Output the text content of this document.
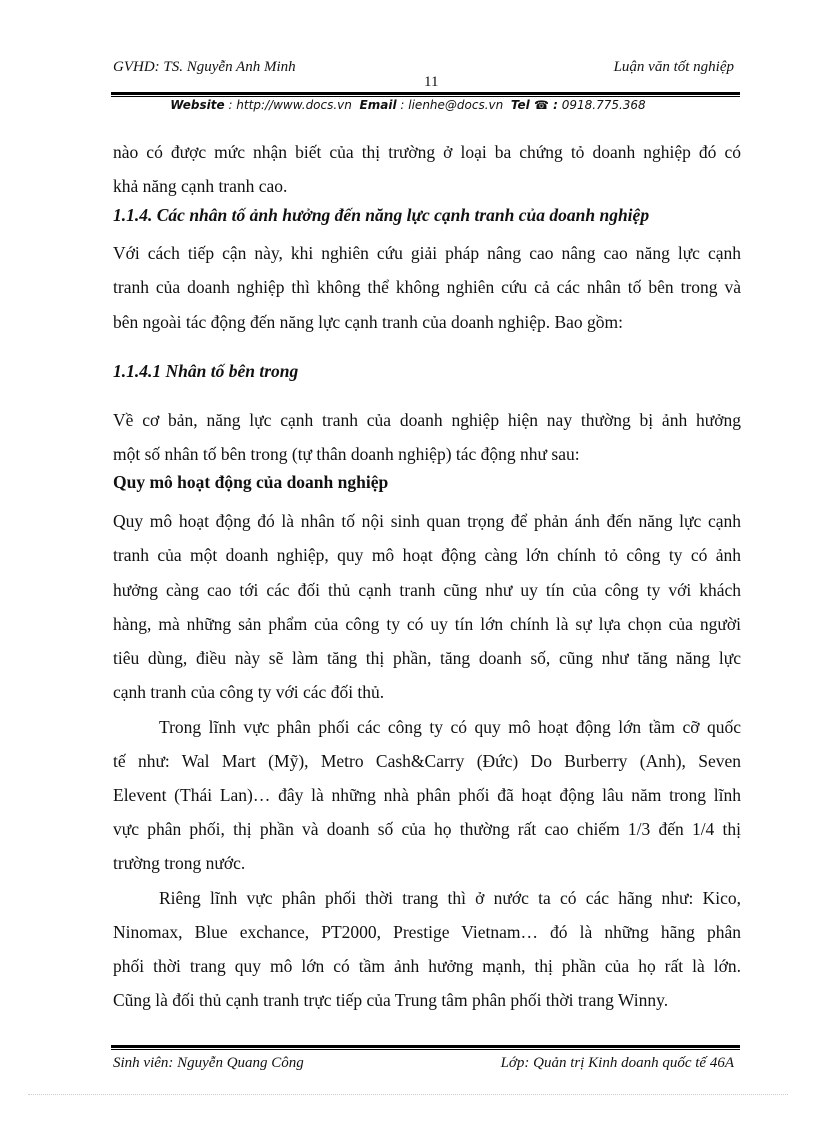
GVHD: TS. Nguyễn Anh Minh	Luận văn tốt nghiệp
11
Website : http://www.docs.vn Email : lienhe@docs.vn Tel ☎ : 0918.775.368
nào có được mức nhận biết của thị trường ở loại ba chứng tỏ doanh nghiệp đó có
khả năng cạnh tranh cao.
1.1.4. Các nhân tố ảnh hưởng đến năng lực cạnh tranh của doanh nghiệp
Với cách tiếp cận này, khi nghiên cứu giải pháp nâng cao nâng cao năng lực cạnh
tranh của doanh nghiệp thì không thể không nghiên cứu cả các nhân tố bên trong và
bên ngoài tác động đến năng lực cạnh tranh của doanh nghiệp. Bao gồm:
1.1.4.1 Nhân tố bên trong
Về cơ bản, năng lực cạnh tranh của doanh nghiệp hiện nay thường bị ảnh hưởng
một số nhân tố bên trong (tự thân doanh nghiệp) tác động như sau:
Quy mô hoạt động của doanh nghiệp
Quy mô hoạt động đó là nhân tố nội sinh quan trọng để phản ánh đến năng lực cạnh
tranh của một doanh nghiệp, quy mô hoạt động càng lớn chính tỏ công ty có ảnh
hưởng càng cao tới các đối thủ cạnh tranh cũng như uy tín của công ty với khách
hàng, mà những sản phẩm của công ty có uy tín lớn chính là sự lựa chọn của người
tiêu dùng, điều này sẽ làm tăng thị phần, tăng doanh số, cũng như tăng năng lực
cạnh tranh của công ty với các đối thủ.
Trong lĩnh vực phân phối các công ty có quy mô hoạt động lớn tầm cỡ quốc
tế như: Wal Mart (Mỹ), Metro Cash&Carry (Đức) Do Burberry (Anh), Seven
Elevent (Thái Lan)… đây là những nhà phân phối đã hoạt động lâu năm trong lĩnh
vực phân phối, thị phần và doanh số của họ thường rất cao chiếm 1/3 đến 1/4 thị
trường trong nước.
Riêng lĩnh vực phân phối thời trang thì ở nước ta có các hãng như: Kico,
Ninomax, Blue exchance, PT2000, Prestige Vietnam… đó là những hãng phân
phối thời trang quy mô lớn có tầm ảnh hưởng mạnh, thị phần của họ rất là lớn.
Cũng là đối thủ cạnh tranh trực tiếp của Trung tâm phân phối thời trang Winny.
Sinh viên: Nguyễn Quang Công	Lớp: Quản trị Kinh doanh quốc tế 46A
